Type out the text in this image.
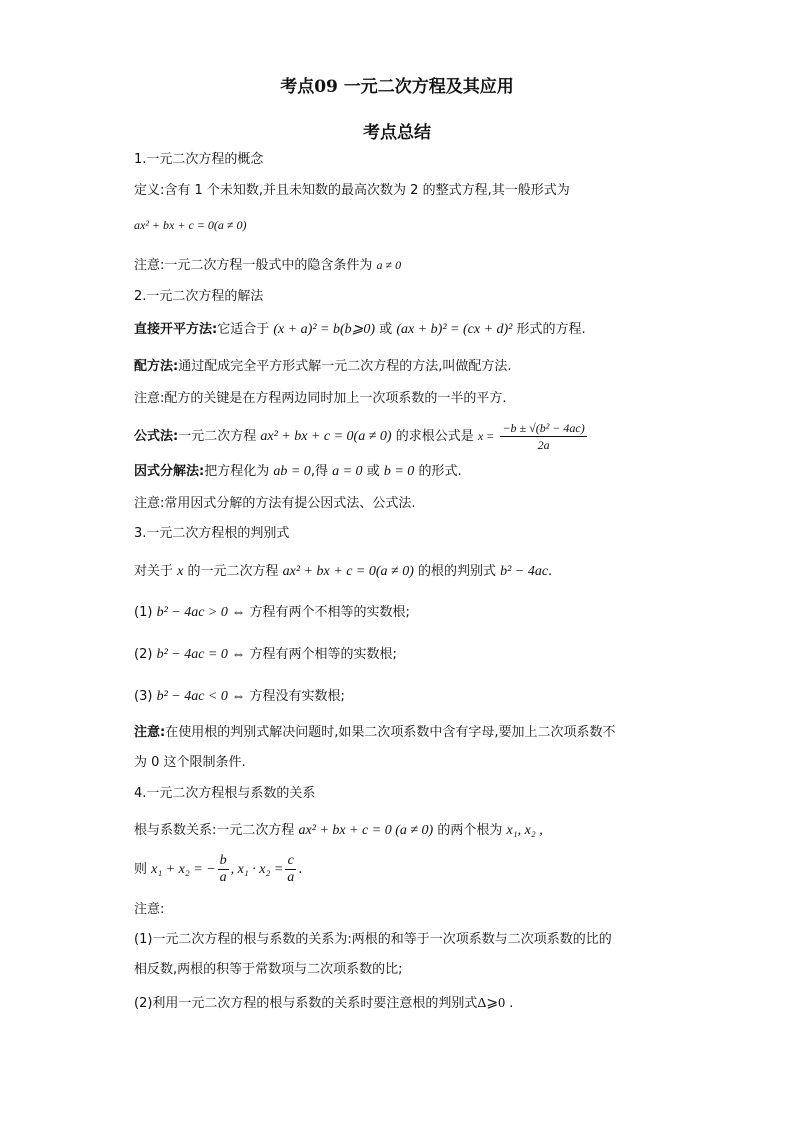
考点09 一元二次方程及其应用
考点总结
1.一元二次方程的概念
定义:含有 1 个未知数,并且未知数的最高次数为 2 的整式方程,其一般形式为
ax² + bx + c = 0(a ≠ 0)
注意:一元二次方程一般式中的隐含条件为 a ≠ 0
2.一元二次方程的解法
直接开平方法:它适合于 (x + a)² = b(b⩾0) 或 (ax + b)² = (cx + d)² 形式的方程.
配方法:通过配成完全平方形式解一元二次方程的方法,叫做配方法.
注意:配方的关键是在方程两边同时加上一次项系数的一半的平方.
公式法:一元二次方程 ax² + bx + c = 0(a ≠ 0) 的求根公式是 $x = \frac{\text{−b ± √(b² − 4ac)}}{2a}$
因式分解法:把方程化为 ab = 0,得 a = 0 或 b = 0 的形式.
注意:常用因式分解的方法有提公因式法、公式法.
3.一元二次方程根的判别式
对关于 x 的一元二次方程 ax² + bx + c = 0(a ≠ 0) 的根的判别式 b² − 4ac.
(1) b² − 4ac > 0 ⇔ 方程有两个不相等的实数根;
(2) b² − 4ac = 0 ⇔ 方程有两个相等的实数根;
(3) b² − 4ac < 0 ⇔ 方程没有实数根;
注意:在使用根的判别式解决问题时,如果二次项系数中含有字母,要加上二次项系数不
为 0 这个限制条件.
4.一元二次方程根与系数的关系
根与系数关系:一元二次方程 ax² + bx + c = 0 (a ≠ 0) 的两个根为 x₁, x₂ ,
则 x₁ + x₂ = − $\frac{b}{a}$ , $x_1 \cdot x_2 = \frac{c}{a}$ .
注意:
(1)一元二次方程的根与系数的关系为:两根的和等于一次项系数与二次项系数的比的
相反数,两根的积等于常数项与二次项系数的比;
(2)利用一元二次方程的根与系数的关系时要注意根的判别式Δ⩾0 .
